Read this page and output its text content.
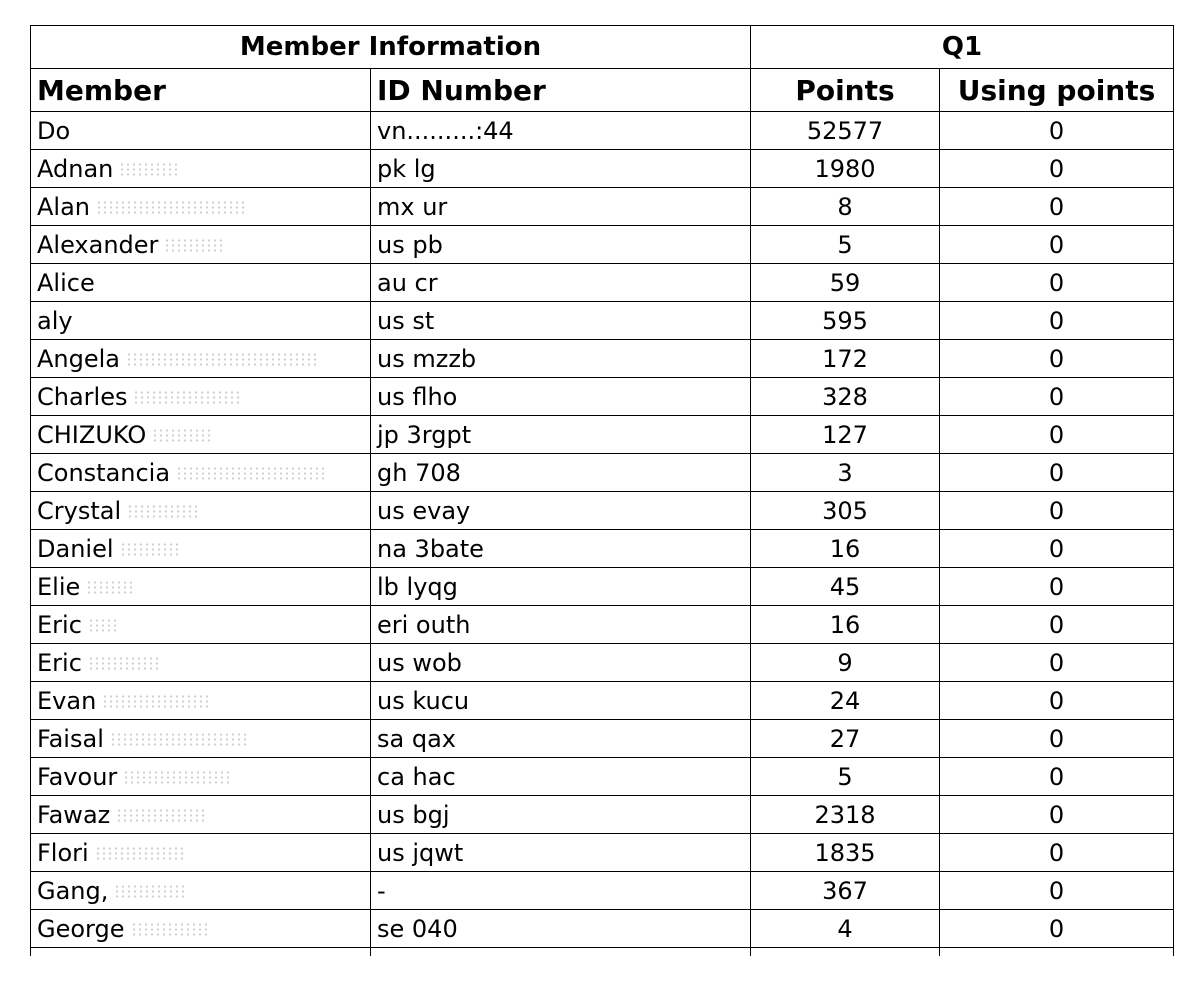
Member Information		Q1	

Member	ID Number	Points	Using points
Do	vn.........:44	52577	0
Adnan	pk lg	1980	0
Alan	mx ur	8	0
Alexander	us pb	5	0
Alice	au cr	59	0
aly	us st	595	0
Angela	us mzzb	172	0
Charles	us flho	328	0
CHIZUKO	jp 3rgpt	127	0
Constancia	gh 708	3	0
Crystal	us evay	305	0
Daniel	na 3bate	16	0
Elie	lb lyqg	45	0
Eric	eri outh	16	0
Eric	us wob	9	0
Evan	us kucu	24	0
Faisal	sa qax	27	0
Favour	ca hac	5	0
Fawaz	us bgj	2318	0
Flori	us jqwt	1835	0
Gang,	-	367	0
George	se 040	4	0
